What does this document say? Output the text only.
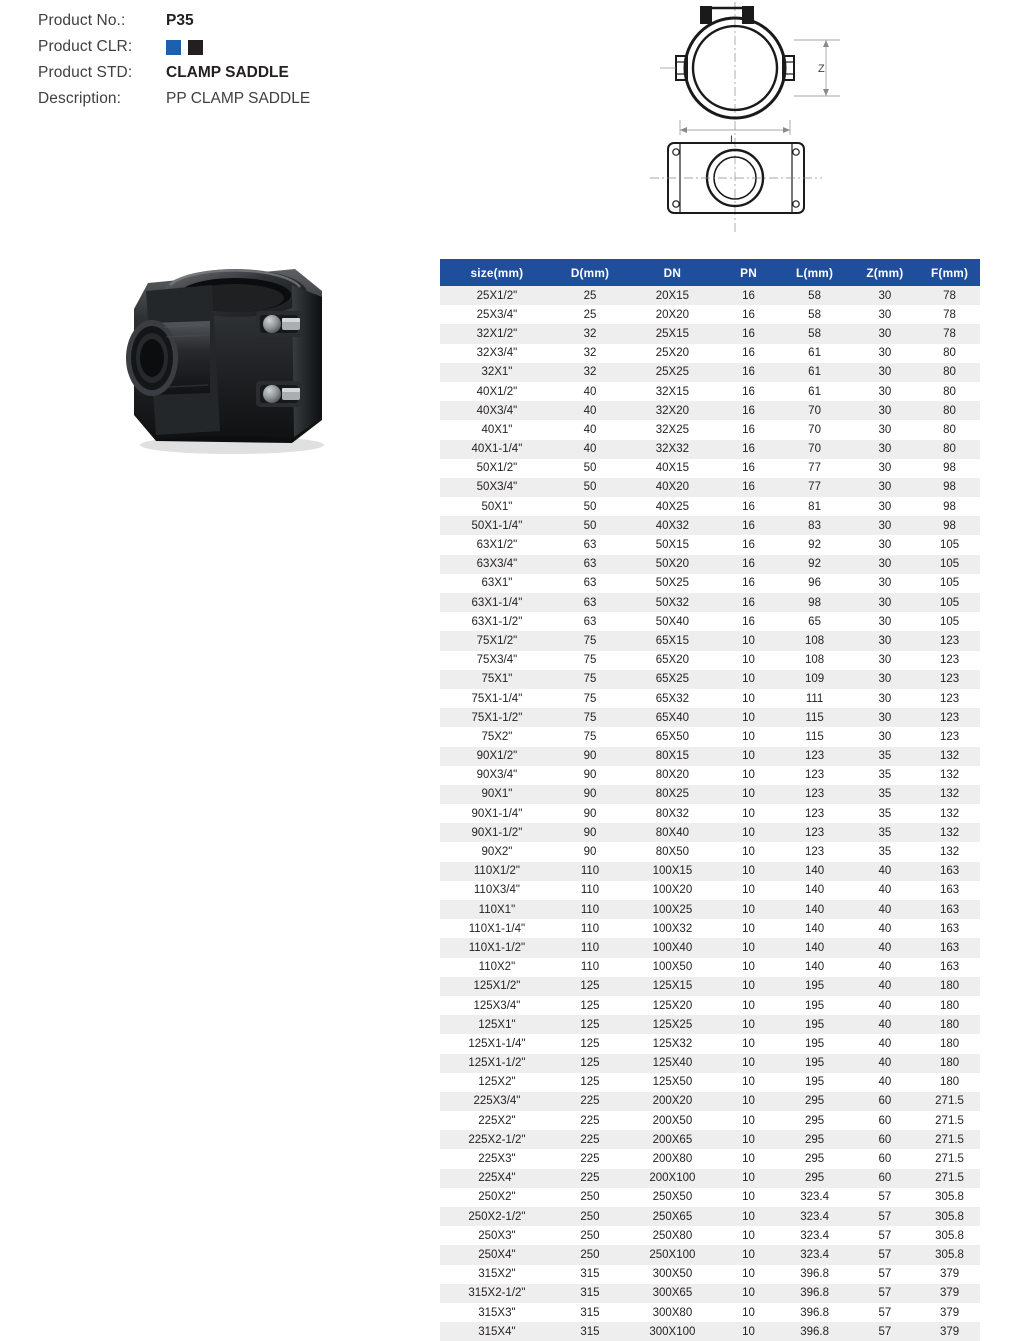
Product No.:	P35
Product CLR:
Product STD:	CLAMP SADDLE
Description:	PP CLAMP SADDLE
Z
L
size(mm)	D(mm)	DN	PN	L(mm)	Z(mm)	F(mm)
25X1/2"	25	20X15	16	58	30	78
25X3/4"	25	20X20	16	58	30	78
32X1/2"	32	25X15	16	58	30	78
32X3/4"	32	25X20	16	61	30	80
32X1"	32	25X25	16	61	30	80
40X1/2"	40	32X15	16	61	30	80
40X3/4"	40	32X20	16	70	30	80
40X1"	40	32X25	16	70	30	80
40X1-1/4"	40	32X32	16	70	30	80
50X1/2"	50	40X15	16	77	30	98
50X3/4"	50	40X20	16	77	30	98
50X1"	50	40X25	16	81	30	98
50X1-1/4"	50	40X32	16	83	30	98
63X1/2"	63	50X15	16	92	30	105
63X3/4"	63	50X20	16	92	30	105
63X1"	63	50X25	16	96	30	105
63X1-1/4"	63	50X32	16	98	30	105
63X1-1/2"	63	50X40	16	65	30	105
75X1/2"	75	65X15	10	108	30	123
75X3/4"	75	65X20	10	108	30	123
75X1"	75	65X25	10	109	30	123
75X1-1/4"	75	65X32	10	111	30	123
75X1-1/2"	75	65X40	10	115	30	123
75X2"	75	65X50	10	115	30	123
90X1/2"	90	80X15	10	123	35	132
90X3/4"	90	80X20	10	123	35	132
90X1"	90	80X25	10	123	35	132
90X1-1/4"	90	80X32	10	123	35	132
90X1-1/2"	90	80X40	10	123	35	132
90X2"	90	80X50	10	123	35	132
110X1/2"	110	100X15	10	140	40	163
110X3/4"	110	100X20	10	140	40	163
110X1"	110	100X25	10	140	40	163
110X1-1/4"	110	100X32	10	140	40	163
110X1-1/2"	110	100X40	10	140	40	163
110X2"	110	100X50	10	140	40	163
125X1/2"	125	125X15	10	195	40	180
125X3/4"	125	125X20	10	195	40	180
125X1"	125	125X25	10	195	40	180
125X1-1/4"	125	125X32	10	195	40	180
125X1-1/2"	125	125X40	10	195	40	180
125X2"	125	125X50	10	195	40	180
225X3/4"	225	200X20	10	295	60	271.5
225X2"	225	200X50	10	295	60	271.5
225X2-1/2"	225	200X65	10	295	60	271.5
225X3"	225	200X80	10	295	60	271.5
225X4"	225	200X100	10	295	60	271.5
250X2"	250	250X50	10	323.4	57	305.8
250X2-1/2"	250	250X65	10	323.4	57	305.8
250X3"	250	250X80	10	323.4	57	305.8
250X4"	250	250X100	10	323.4	57	305.8
315X2"	315	300X50	10	396.8	57	379
315X2-1/2"	315	300X65	10	396.8	57	379
315X3"	315	300X80	10	396.8	57	379
315X4"	315	300X100	10	396.8	57	379
